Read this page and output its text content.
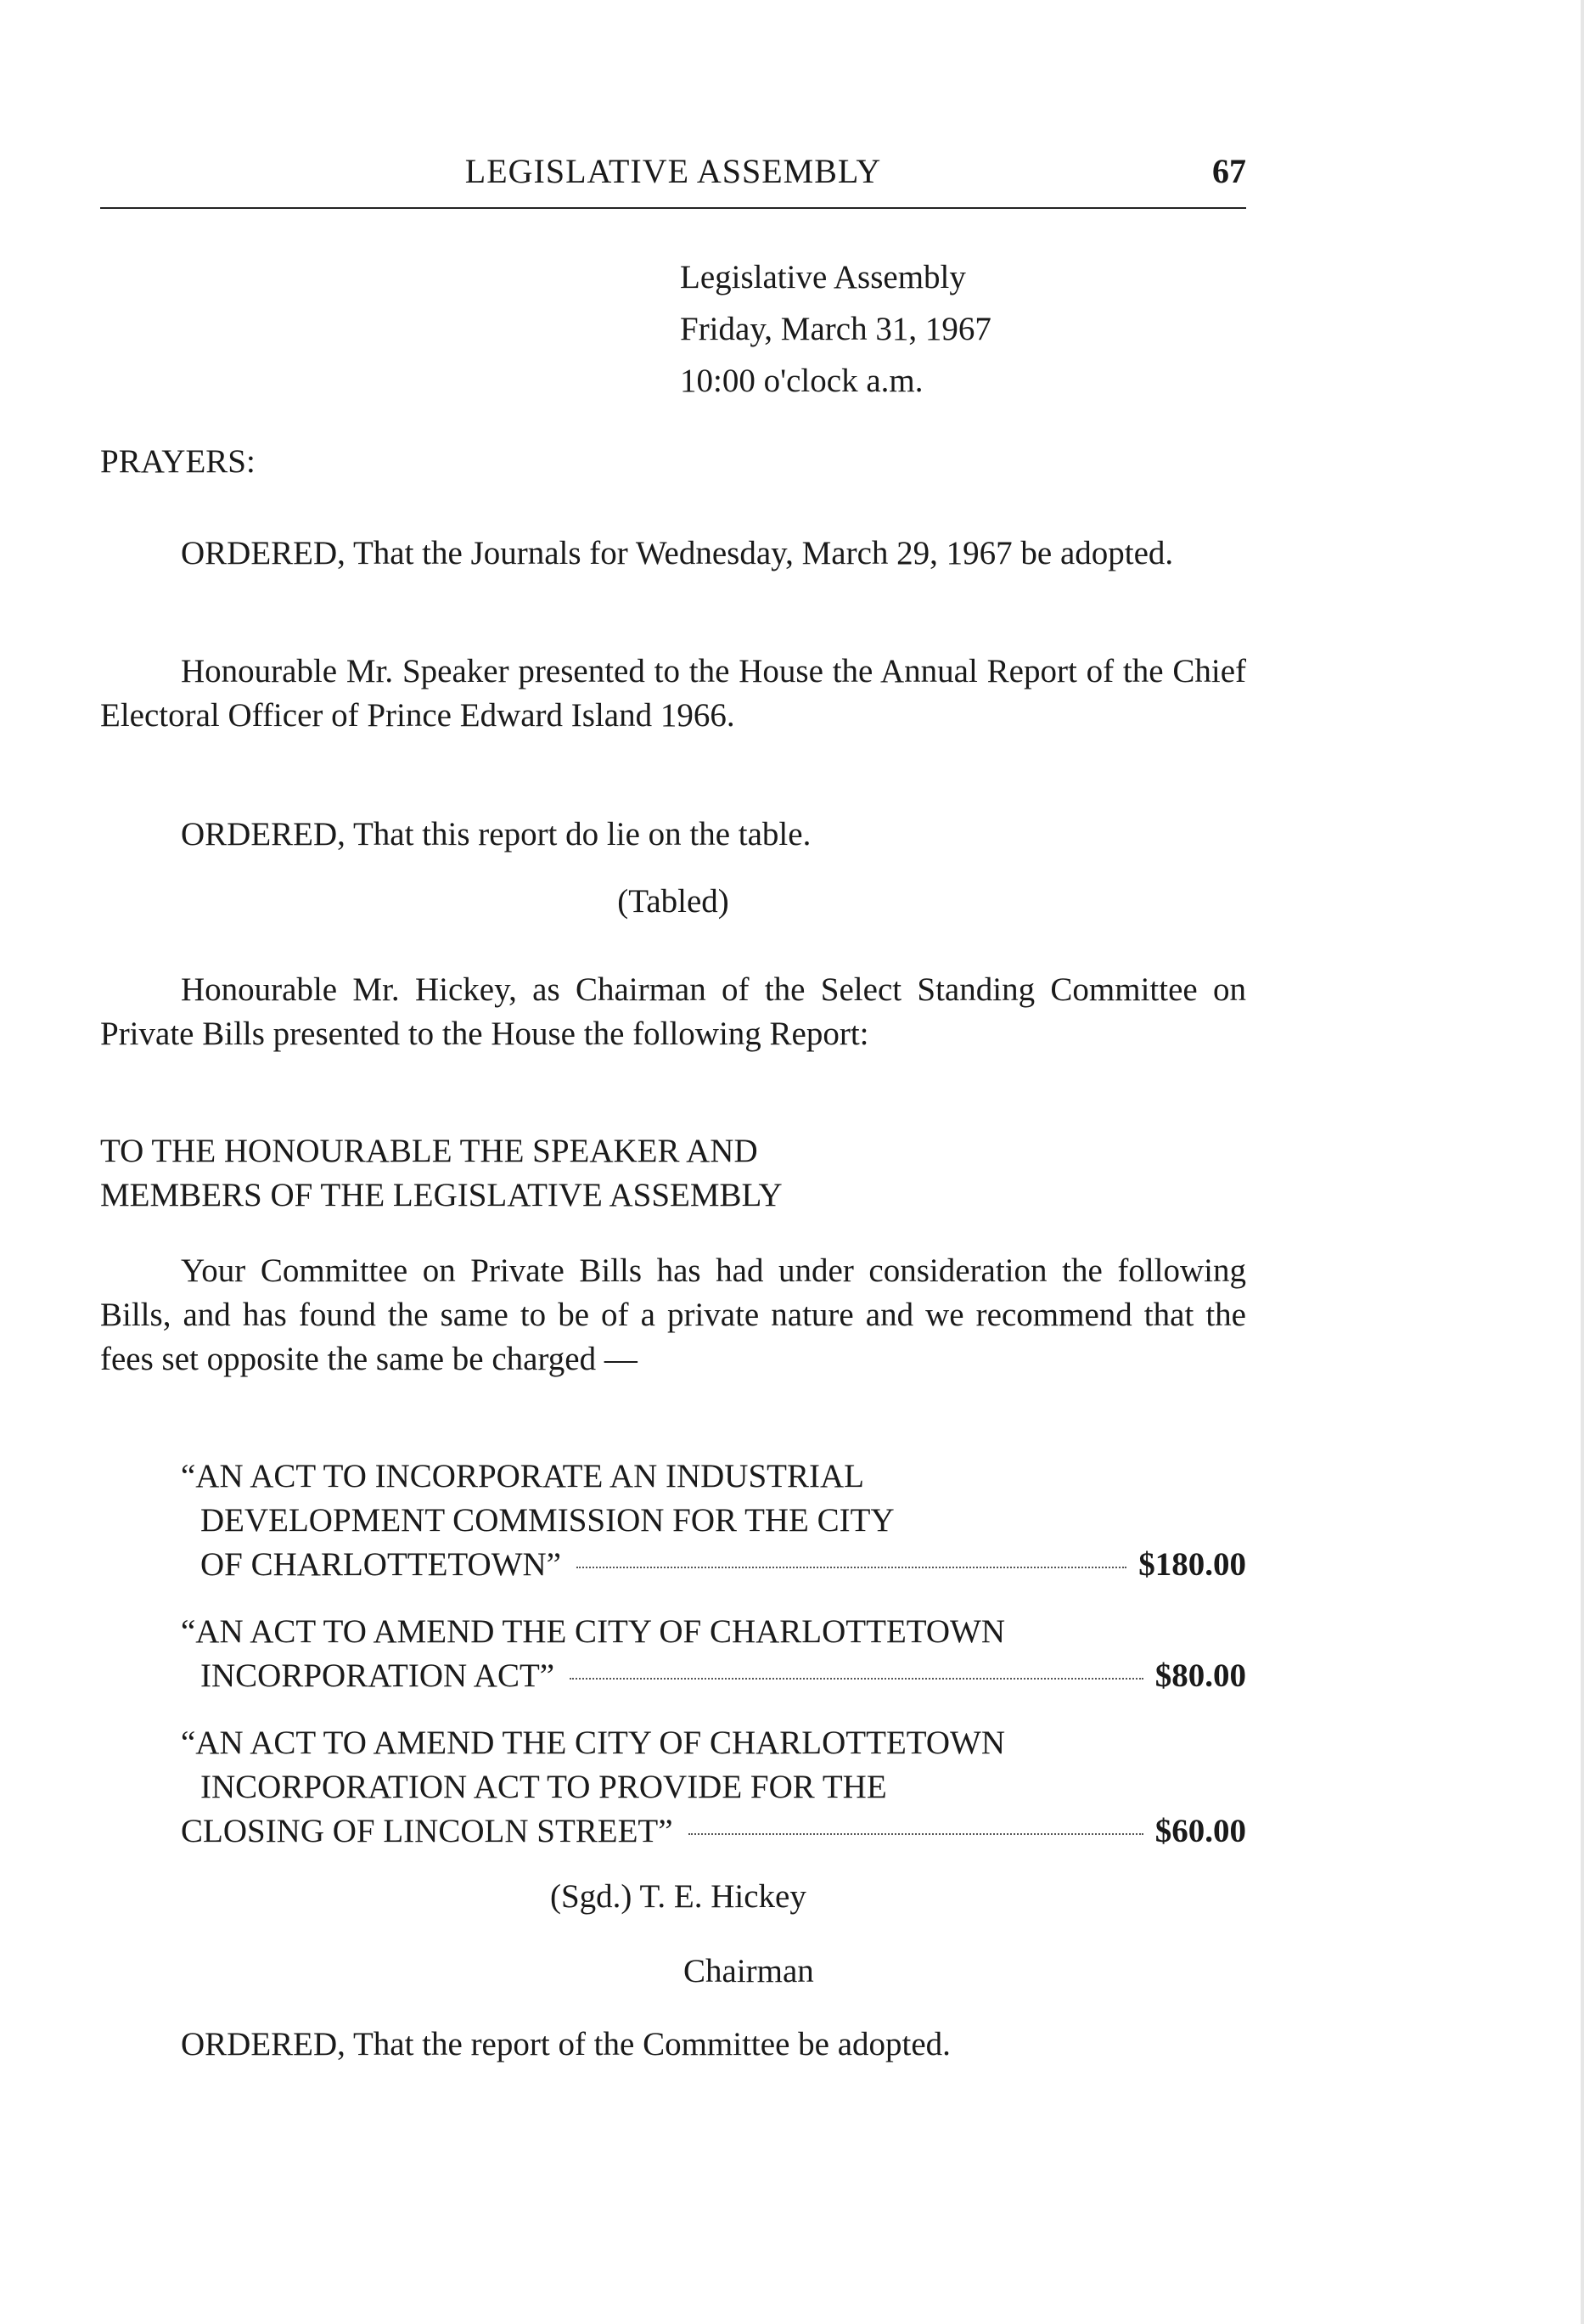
LEGISLATIVE ASSEMBLY	67
Legislative Assembly
Friday, March 31, 1967
10:00 o'clock a.m.
PRAYERS:
ORDERED, That the Journals for Wednesday, March 29, 1967 be adopted.
Honourable Mr. Speaker presented to the House the Annual Report of the Chief Electoral Officer of Prince Edward Island 1966.
ORDERED, That this report do lie on the table.
(Tabled)
Honourable Mr. Hickey, as Chairman of the Select Standing Committee on Private Bills presented to the House the following Report:
TO THE HONOURABLE THE SPEAKER AND
MEMBERS OF THE LEGISLATIVE ASSEMBLY
Your Committee on Private Bills has had under consideration the following Bills, and has found the same to be of a private nature and we recommend that the fees set opposite the same be charged —
“AN ACT TO INCORPORATE AN INDUSTRIAL
DEVELOPMENT COMMISSION FOR THE CITY
OF CHARLOTTETOWN”	$180.00
“AN ACT TO AMEND THE CITY OF CHARLOTTETOWN
INCORPORATION ACT”	$80.00
“AN ACT TO AMEND THE CITY OF CHARLOTTETOWN
INCORPORATION ACT TO PROVIDE FOR THE
CLOSING OF LINCOLN STREET”	$60.00
(Sgd.) T. E. Hickey
Chairman
ORDERED, That the report of the Committee be adopted.
